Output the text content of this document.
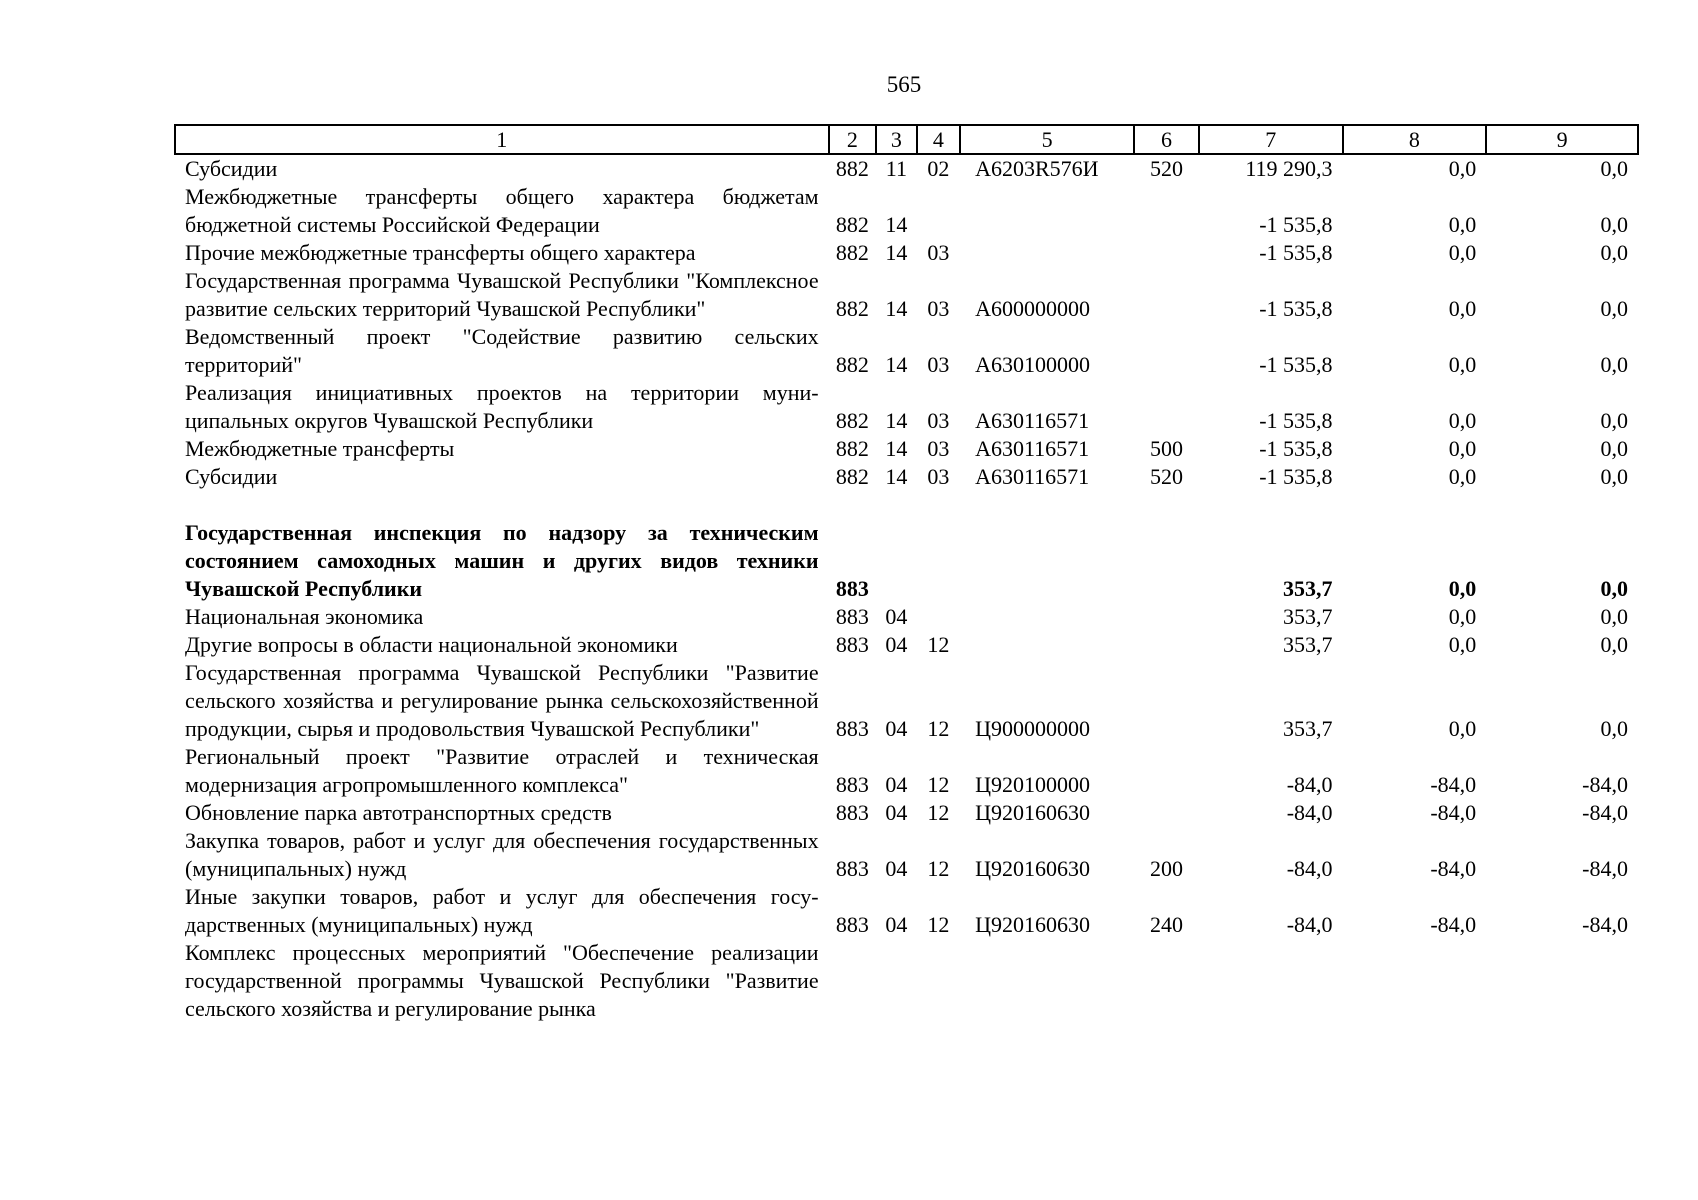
565
1	2	3	4	5	6	7	8	9
Субсидии	882	11	02	А6203R576И	520	119 290,3	0,0	0,0
Межбюджетные трансферты общего характера бюджетам бюджетной системы Российской Федерации	882	14				-1 535,8	0,0	0,0
Прочие межбюджетные трансферты общего характера	882	14	03			-1 535,8	0,0	0,0
Государственная программа Чувашской Республики "Комплексное развитие сельских территорий Чувашской Республики"	882	14	03	А600000000		-1 535,8	0,0	0,0
Ведомственный проект "Содействие развитию сельских территорий"	882	14	03	А630100000		-1 535,8	0,0	0,0
Реализация инициативных проектов на территории муниципальных округов Чувашской Республики	882	14	03	А630116571		-1 535,8	0,0	0,0
Межбюджетные трансферты	882	14	03	А630116571	500	-1 535,8	0,0	0,0
Субсидии	882	14	03	А630116571	520	-1 535,8	0,0	0,0

Государственная инспекция по надзору за техническим состоянием самоходных машин и других видов техники Чувашской Республики	883					353,7	0,0	0,0
Национальная экономика	883	04				353,7	0,0	0,0
Другие вопросы в области национальной экономики	883	04	12			353,7	0,0	0,0
Государственная программа Чувашской Республики "Развитие сельского хозяйства и регулирование рынка сельскохозяйственной продукции, сырья и продовольствия Чувашской Республики"	883	04	12	Ц900000000		353,7	0,0	0,0
Региональный проект "Развитие отраслей и техническая модернизация агропромышленного комплекса"	883	04	12	Ц920100000		-84,0	-84,0	-84,0
Обновление парка автотранспортных средств	883	04	12	Ц920160630		-84,0	-84,0	-84,0
Закупка товаров, работ и услуг для обеспечения государственных (муниципальных) нужд	883	04	12	Ц920160630	200	-84,0	-84,0	-84,0
Иные закупки товаров, работ и услуг для обеспечения государственных (муниципальных) нужд	883	04	12	Ц920160630	240	-84,0	-84,0	-84,0
Комплекс процессных мероприятий "Обеспечение реализации государственной программы Чувашской Республики "Развитие сельского хозяйства и регулирование рынка								
